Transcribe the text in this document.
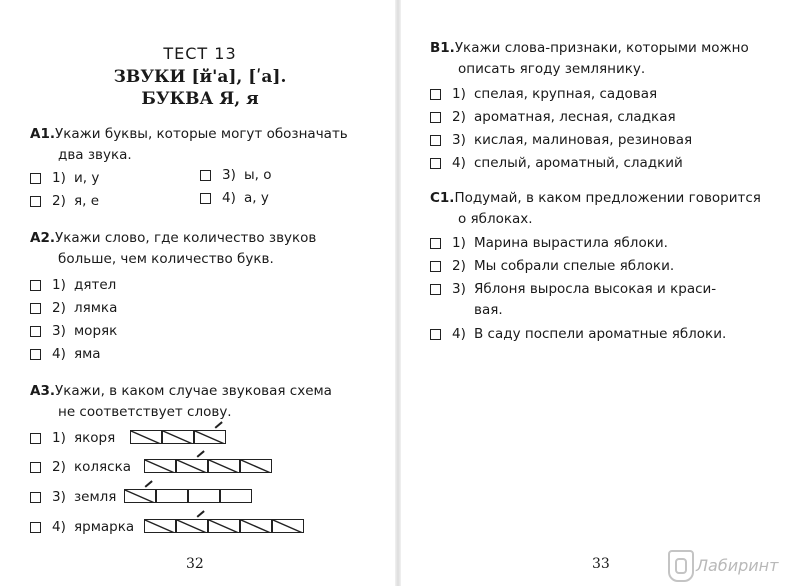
ТЕСТ 13
ЗВУКИ [й'а], [ʹа].
БУКВА Я, я
А1.Укажи буквы, которые могут обозначать
два звука.
1) и, у	3) ы, о
2) я, е	4) а, у
А2.Укажи слово, где количество звуков
больше, чем количество букв.
1) дятел
2) лямка
3) моряк
4) яма
А3.Укажи, в каком случае звуковая схема
не соответствует слову.
1) якоря
2) коляска
3) земля
4) ярмарка
32
В1.Укажи слова-признаки, которыми можно
описать ягоду землянику.
1) спелая, крупная, садовая
2) ароматная, лесная, сладкая
3) кислая, малиновая, резиновая
4) спелый, ароматный, сладкий
С1.Подумай, в каком предложении говорится
о яблоках.
1) Марина вырастила яблоки.
2) Мы собрали спелые яблоки.
3) Яблоня выросла высокая и краси-
вая.
4) В саду поспели ароматные яблоки.
33	Лабиринт
